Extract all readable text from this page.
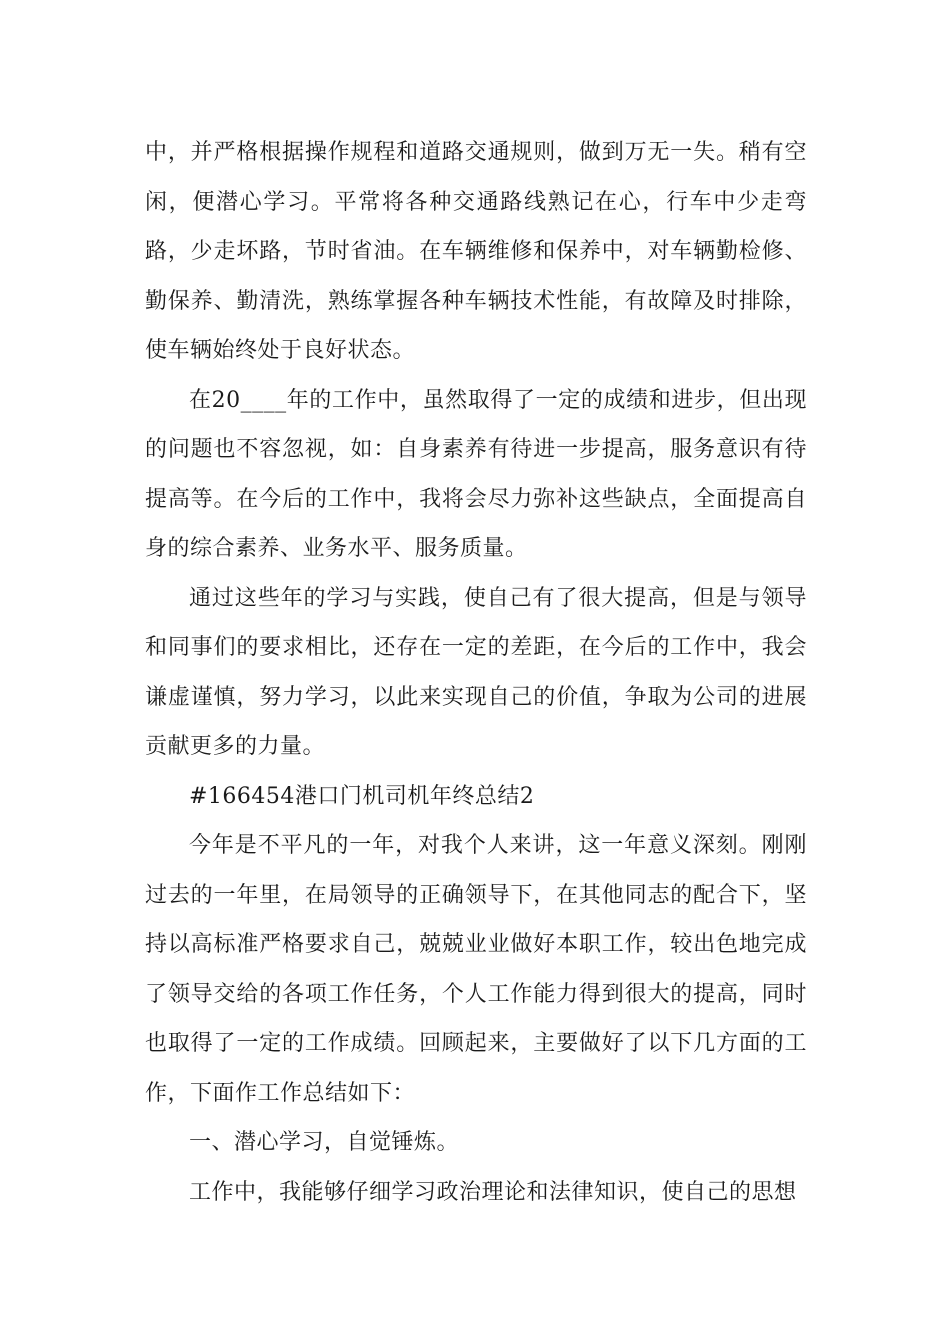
中，并严格根据操作规程和道路交通规则，做到万无一失。稍有空闲，便潜心学习。平常将各种交通路线熟记在心，行车中少走弯路，少走坏路，节时省油。在车辆维修和保养中，对车辆勤检修、勤保养、勤清洗，熟练掌握各种车辆技术性能，有故障及时排除，使车辆始终处于良好状态。

在20____年的工作中，虽然取得了一定的成绩和进步，但出现的问题也不容忽视，如：自身素养有待进一步提高，服务意识有待提高等。在今后的工作中，我将会尽力弥补这些缺点，全面提高自身的综合素养、业务水平、服务质量。

通过这些年的学习与实践，使自己有了很大提高，但是与领导和同事们的要求相比，还存在一定的差距，在今后的工作中，我会谦虚谨慎，努力学习，以此来实现自己的价值，争取为公司的进展贡献更多的力量。

#166454港口门机司机年终总结2

今年是不平凡的一年，对我个人来讲，这一年意义深刻。刚刚过去的一年里，在局领导的正确领导下，在其他同志的配合下，坚持以高标准严格要求自己，兢兢业业做好本职工作，较出色地完成了领导交给的各项工作任务，个人工作能力得到很大的提高，同时也取得了一定的工作成绩。回顾起来，主要做好了以下几方面的工作，下面作工作总结如下：

一、潜心学习，自觉锤炼。

工作中，我能够仔细学习政治理论和法律知识，使自己的思想
